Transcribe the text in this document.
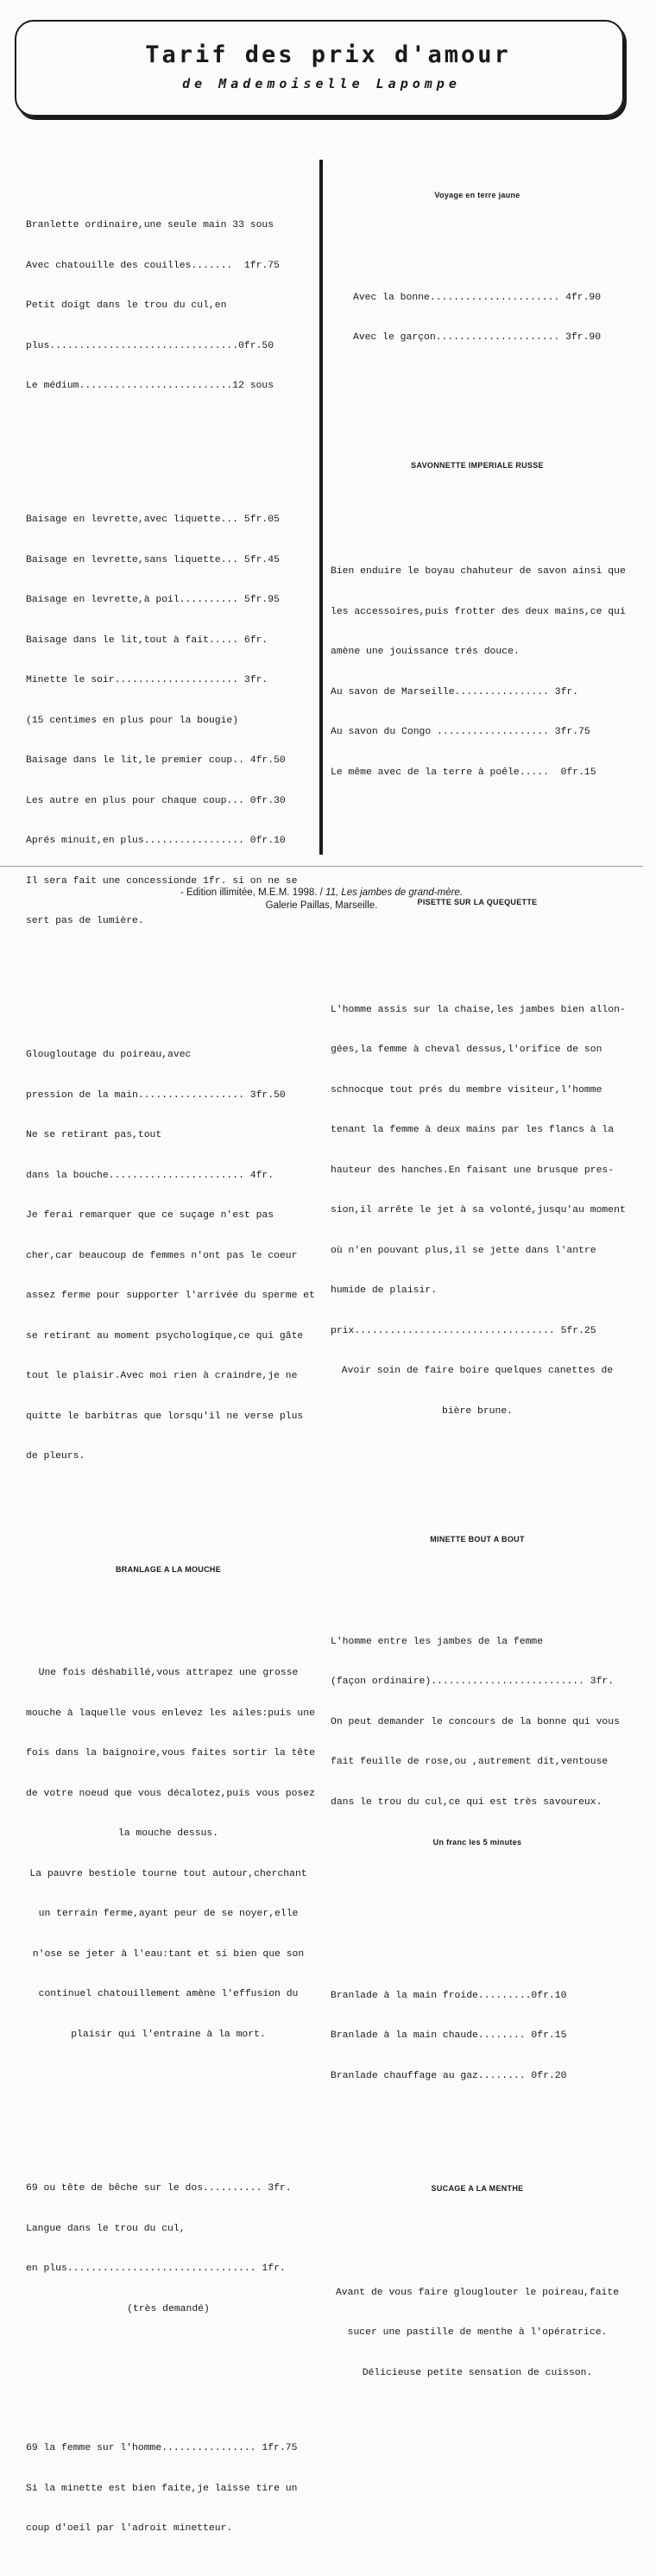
Tarif des prix d'amour
de Mademoiselle Lapompe

Branlette ordinaire,une seule main 33 sous

Avec chatouille des couilles.......  1fr.75

Petit doigt dans le trou du cul,en

plus................................0fr.50

Le médium..........................12 sous

Baisage en levrette,avec liquette... 5fr.05

Baisage en levrette,sans liquette... 5fr.45

Baisage en levrette,à poil.......... 5fr.95

Baisage dans le lit,tout à fait..... 6fr.

Minette le soir..................... 3fr.

(15 centimes en plus pour la bougie)

Baisage dans le lit,le premier coup.. 4fr.50

Les autre en plus pour chaque coup... 0fr.30

Aprés minuit,en plus................. 0fr.10

Il sera fait une concessionde 1fr. si on ne se

sert pas de lumière.

Glougloutage du poireau,avec

pression de la main.................. 3fr.50

Ne se retirant pas,tout

dans la bouche....................... 4fr.

Je ferai remarquer que ce suçage n'est pas

cher,car beaucoup de femmes n'ont pas le coeur

assez ferme pour supporter l'arrivée du sperme et

se retirant au moment psychologique,ce qui gâte

tout le plaisir.Avec moi rien à craindre,je ne

quitte le barbitras que lorsqu'il ne verse plus

de pleurs.

BRANLAGE A LA MOUCHE

Une fois déshabillé,vous attrapez une grosse

mouche à laquelle vous enlevez les ailes:puis une

fois dans la baignoire,vous faites sortir la tête

de votre noeud que vous décalotez,puis vous posez

la mouche dessus.

La pauvre bestiole tourne tout autour,cherchant

un terrain ferme,ayant peur de se noyer,elle

n'ose se jeter à l'eau:tant et si bien que son

continuel chatouillement amène l'effusion du

plaisir qui l'entraine à la mort.

69 ou tête de bêche sur le dos.......... 3fr.

Langue dans le trou du cul,

en plus................................ 1fr.

(très demandé)

69 la femme sur l'homme................ 1fr.75

Si la minette est bien faite,je laisse tire un

coup d'oeil par l'adroit minetteur.

Voyage en terre jaune

Avec la bonne...................... 4fr.90

Avec le garçon..................... 3fr.90

SAVONNETTE IMPERIALE RUSSE

Bien enduire le boyau chahuteur de savon ainsi que

les accessoires,puis frotter des deux mains,ce qui

amène une jouissance trés douce.

Au savon de Marseille................ 3fr.

Au savon du Congo ................... 3fr.75

Le même avec de la terre à poêle.....  0fr.15

PISETTE SUR LA QUEQUETTE

L'homme assis sur la chaise,les jambes bien allon-

gées,la femme à cheval dessus,l'orifice de son

schnocque tout prés du membre visiteur,l'homme

tenant la femme à deux mains par les flancs à la

hauteur des hanches.En faisant une brusque pres-

sion,il arrête le jet à sa volonté,jusqu'au moment

où n'en pouvant plus,il se jette dans l'antre

humide de plaisir.

prix.................................. 5fr.25

Avoir soin de faire boire quelques canettes de

bière brune.

MINETTE BOUT A BOUT

L'homme entre les jambes de la femme

(façon ordinaire).......................... 3fr.

On peut demander le concours de la bonne qui vous

fait feuille de rose,ou ,autrement dit,ventouse

dans le trou du cul,ce qui est très savoureux.

Un franc les 5 minutes

Branlade à la main froide.........0fr.10

Branlade à la main chaude........ 0fr.15

Branlade chauffage au gaz........ 0fr.20

SUCAGE A LA MENTHE

Avant de vous faire glouglouter le poireau,faite

sucer une pastille de menthe à l'opératrice.

Délicieuse petite sensation de cuisson.

- Edition illimitée, M.E.M. 1998. / 11, Les jambes de grand-mère.
Galerie Paillas, Marseille.
